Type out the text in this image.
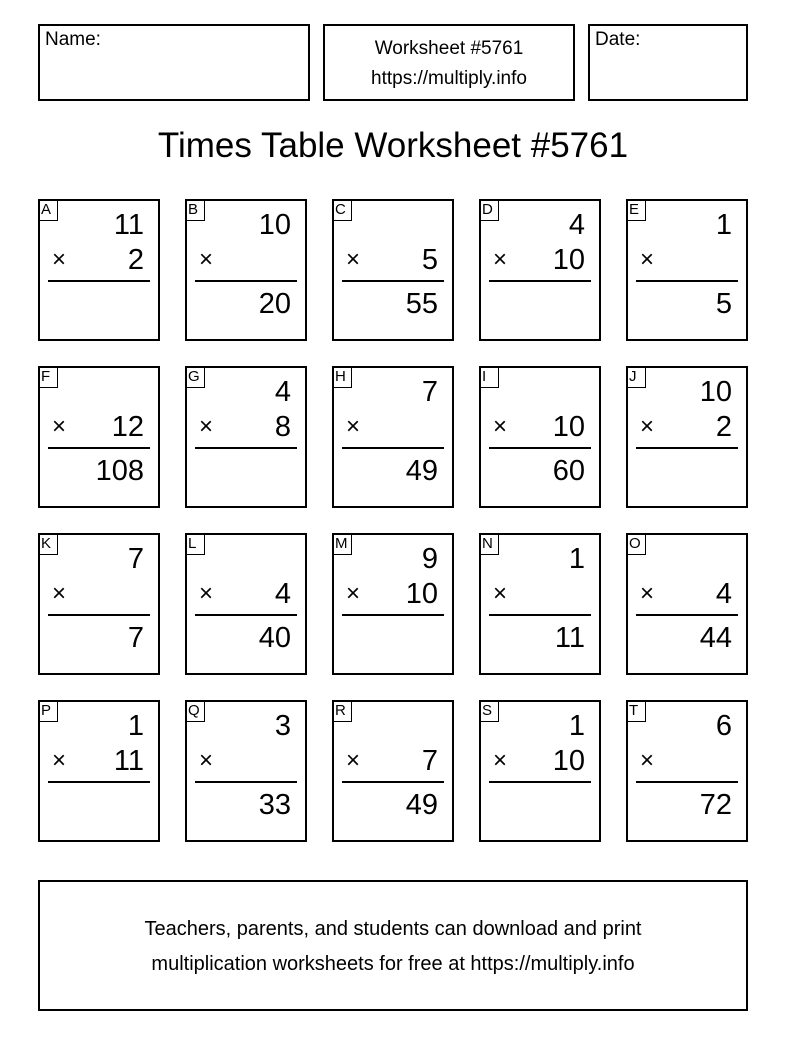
Name:	Worksheet #5761
https://multiply.info
Date:
Times Table Worksheet #5761
A 11
× 2
B 10
×
20
C
× 5
55
D	4
× 10
E	1
×
5
F
× 12
108
G	4
× 8
H	7
×
49
I
× 10
60
J	10
× 2
K	7
×
7
L
× 4
40
M	9
× 10
N	1
×
11
O
× 4
44
P	1
× 11
Q	3
×
33
R
× 7
49
S	1
× 10
T	6
×
72
Teachers, parents, and students can download and print
multiplication worksheets for free at https://multiply.info
